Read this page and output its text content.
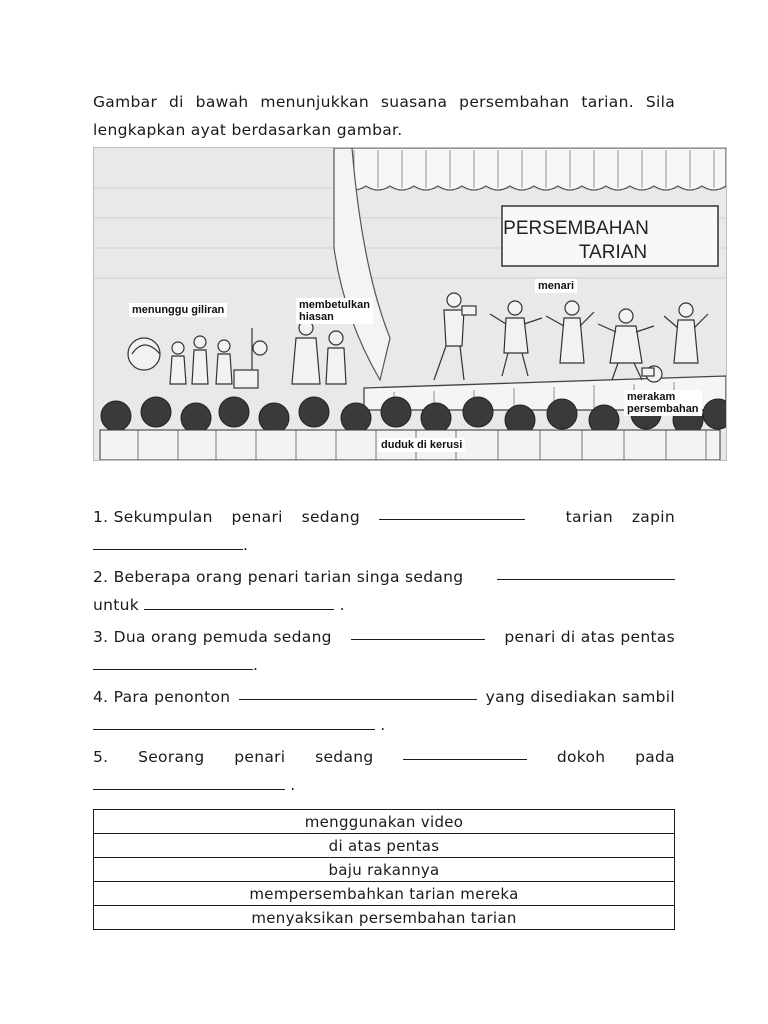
Gambar di bawah menunjukkan suasana persembahan tarian. Sila lengkapkan ayat berdasarkan gambar.
PERSEMBAHAN
TARIAN
menunggu giliran	membetulkan
hiasan
menari
merakam
persembahan
duduk di kerusi
1. Sekumpulan penari sedang	tarian zapin
.
2. Beberapa orang penari tarian singa sedang
untuk	.
3. Dua orang pemuda sedang	penari di atas pentas
.
4. Para penonton	yang disediakan sambil
.
5. Seorang penari sedang	dokoh pada
.
menggunakan video
di atas pentas
baju rakannya
mempersembahkan tarian mereka
menyaksikan persembahan tarian
